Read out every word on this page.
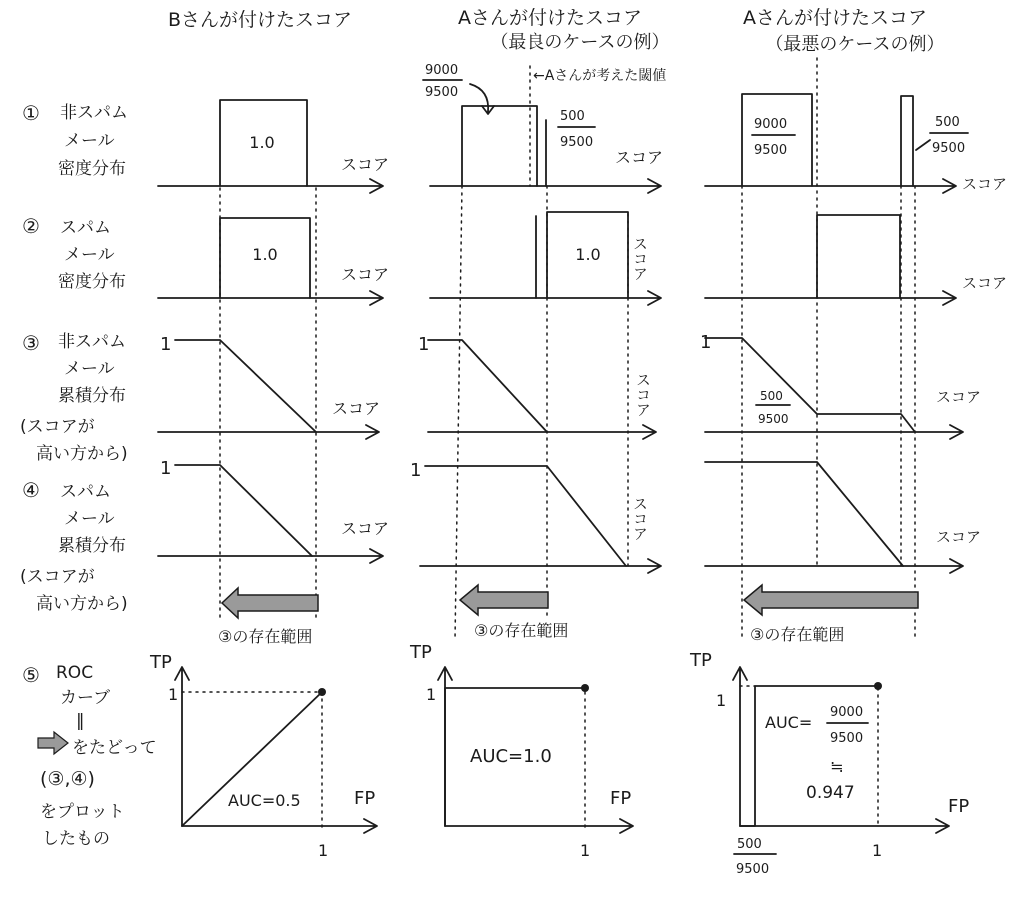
Bさんが付けたスコア	Aさんが付けたスコア
（最良のケースの例）
Aさんが付けたスコア
（最悪のケースの例）
① 非スパム
メール
密度分布
② スパム
メール
密度分布
③ 非スパム
メール
累積分布
(スコアが
高い方から)
④ スパム
メール
累積分布
(スコアが
高い方から)
⑤ ROC
カーブ
‖
をたどって
(③,④)
をプロット
したもの
1.0
スコア
1.0
スコア
1
スコア
1
スコア
③の存在範囲
TP
FP
1
1
AUC=0.5
9000
9500
←Aさんが考えた閾値
500
9500
スコア
1.0 スコア
1
スコア
1
スコア
③の存在範囲
TP
FP
1
1
AUC=1.0
9000
9500
500
9500
スコア
スコア
1
500
9500
スコア
スコア
③の存在範囲
TP
FP
1
1
500
9500
AUC=
9000
9500
≒
0.947
